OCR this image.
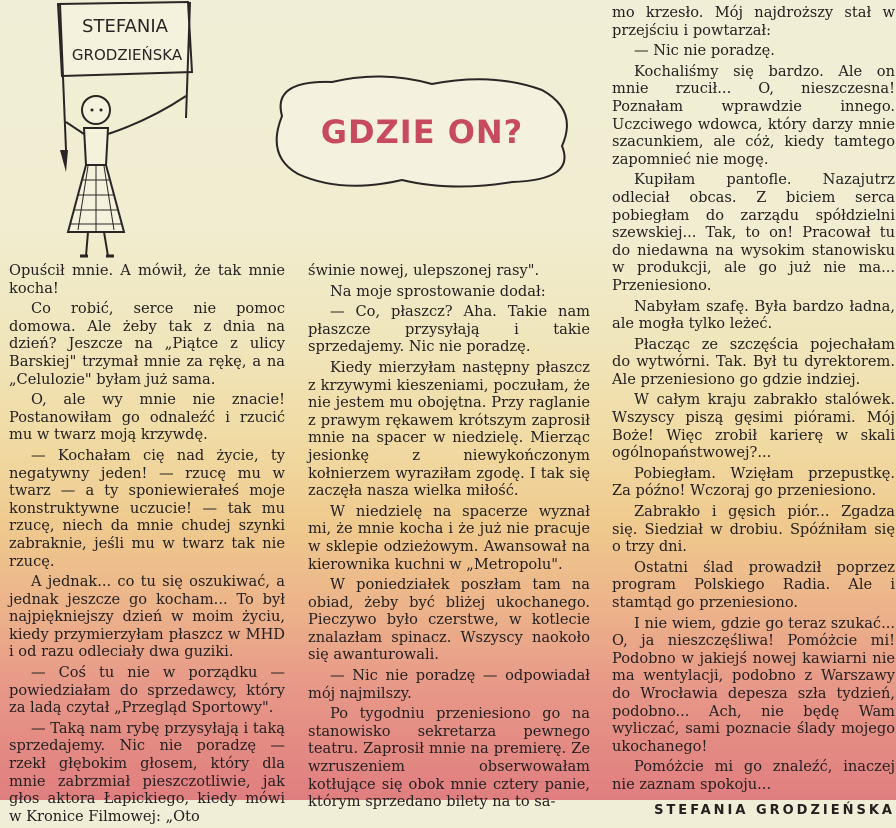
STEFANIA
GRODZIEŃSKA
GDZIE ON?

Opuścił mnie. A mówił, że tak mnie kocha!

Co robić, serce nie pomoc domowa. Ale żeby tak z dnia na dzień? Jeszcze na „Piątce z ulicy Barskiej" trzymał mnie za rękę, a na „Celulozie" byłam już sama.

O, ale wy mnie nie znacie! Postanowiłam go odnaleźć i rzucić mu w twarz moją krzywdę.

— Kochałam cię nad życie, ty negatywny jeden! — rzucę mu w twarz — a ty sponiewierałeś moje konstruktywne uczucie! — tak mu rzucę, niech da mnie chudej szynki zabraknie, jeśli mu w twarz tak nie rzucę.

A jednak... co tu się oszukiwać, a jednak jeszcze go kocham... To był najpiękniejszy dzień w moim życiu, kiedy przymierzyłam płaszcz w MHD i od razu odleciały dwa guziki.

— Coś tu nie w porządku — powiedziałam do sprzedawcy, który za ladą czytał „Przegląd Sportowy".

— Taką nam rybę przysyłają i taką sprzedajemy. Nic nie poradzę — rzekł głębokim głosem, który dla mnie zabrzmiał pieszczotliwie, jak głos aktora Łapickiego, kiedy mówi w Kronice Filmowej: „Oto

świnie nowej, ulepszonej rasy".

Na moje sprostowanie dodał:

— Co, płaszcz? Aha. Takie nam płaszcze przysyłają i takie sprzedajemy. Nic nie poradzę.

Kiedy mierzyłam następny płaszcz z krzywymi kieszeniami, poczułam, że nie jestem mu obojętna. Przy raglanie z prawym rękawem krótszym zaprosił mnie na spacer w niedzielę. Mierząc jesionkę z niewykończonym kołnierzem wyraziłam zgodę. I tak się zaczęła nasza wielka miłość.

W niedzielę na spacerze wyznał mi, że mnie kocha i że już nie pracuje w sklepie odzieżowym. Awansował na kierownika kuchni w „Metropolu".

W poniedziałek poszłam tam na obiad, żeby być bliżej ukochanego. Pieczywo było czerstwe, w kotlecie znalazłam spinacz. Wszyscy naokoło się awanturowali.

— Nic nie poradzę — odpowiadał mój najmilszy.

Po tygodniu przeniesiono go na stanowisko sekretarza pewnego teatru. Zaprosił mnie na premierę. Ze wzruszeniem obserwowałam kotłujące się obok mnie cztery panie, którym sprzedano bilety na to sa-

mo krzesło. Mój najdroższy stał w przejściu i powtarzał:

— Nic nie poradzę.

Kochaliśmy się bardzo. Ale on mnie rzucił... O, nieszczesna! Poznałam wprawdzie innego. Uczciwego wdowca, który darzy mnie szacunkiem, ale cóż, kiedy tamtego zapomnieć nie mogę.

Kupiłam pantofle. Nazajutrz odleciał obcas. Z biciem serca pobiegłam do zarządu spółdzielni szewskiej... Tak, to on! Pracował tu do niedawna na wysokim stanowisku w produkcji, ale go już nie ma... Przeniesiono.

Nabyłam szafę. Była bardzo ładna, ale mogła tylko leżeć.

Płacząc ze szczęścia pojechałam do wytwórni. Tak. Był tu dyrektorem. Ale przeniesiono go gdzie indziej.

W całym kraju zabrakło stalówek. Wszyscy piszą gęsimi piórami. Mój Boże! Więc zrobił karierę w skali ogólnopaństwowej?...

Pobiegłam. Wzięłam przepustkę. Za późno! Wczoraj go przeniesiono.

Zabrakło i gęsich piór... Zgadza się. Siedział w drobiu. Spóźniłam się o trzy dni.

Ostatni ślad prowadził poprzez program Polskiego Radia. Ale i stamtąd go przeniesiono.

I nie wiem, gdzie go teraz szukać... O, ja nieszczęśliwa! Pomóżcie mi! Podobno w jakiejś nowej kawiarni nie ma wentylacji, podobno z Warszawy do Wrocławia depesza szła tydzień, podobno... Ach, nie będę Wam wyliczać, sami poznacie ślady mojego ukochanego!

Pomóżcie mi go znaleźć, inaczej nie zaznam spokoju...

STEFANIA GRODZIEŃSKA
